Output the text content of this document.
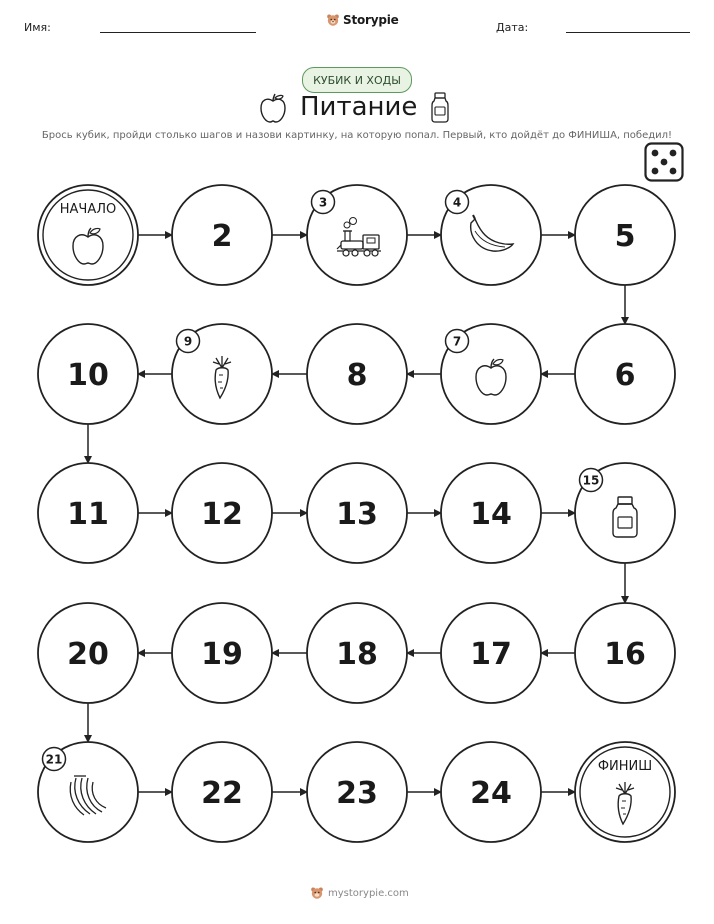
Имя:
Storypie
Дата:
КУБИК И ХОДЫ
Питание
Брось кубик, пройди столько шагов и назови картинку, на которую попал. Первый, кто дойдёт до ФИНИША, победил!
НАЧАЛО
2
3	4
5
6
7
8
9
10
11	12	13	14
15
16
17
18
19
20
21
22	23	24
ФИНИШ
mystorypie.com
